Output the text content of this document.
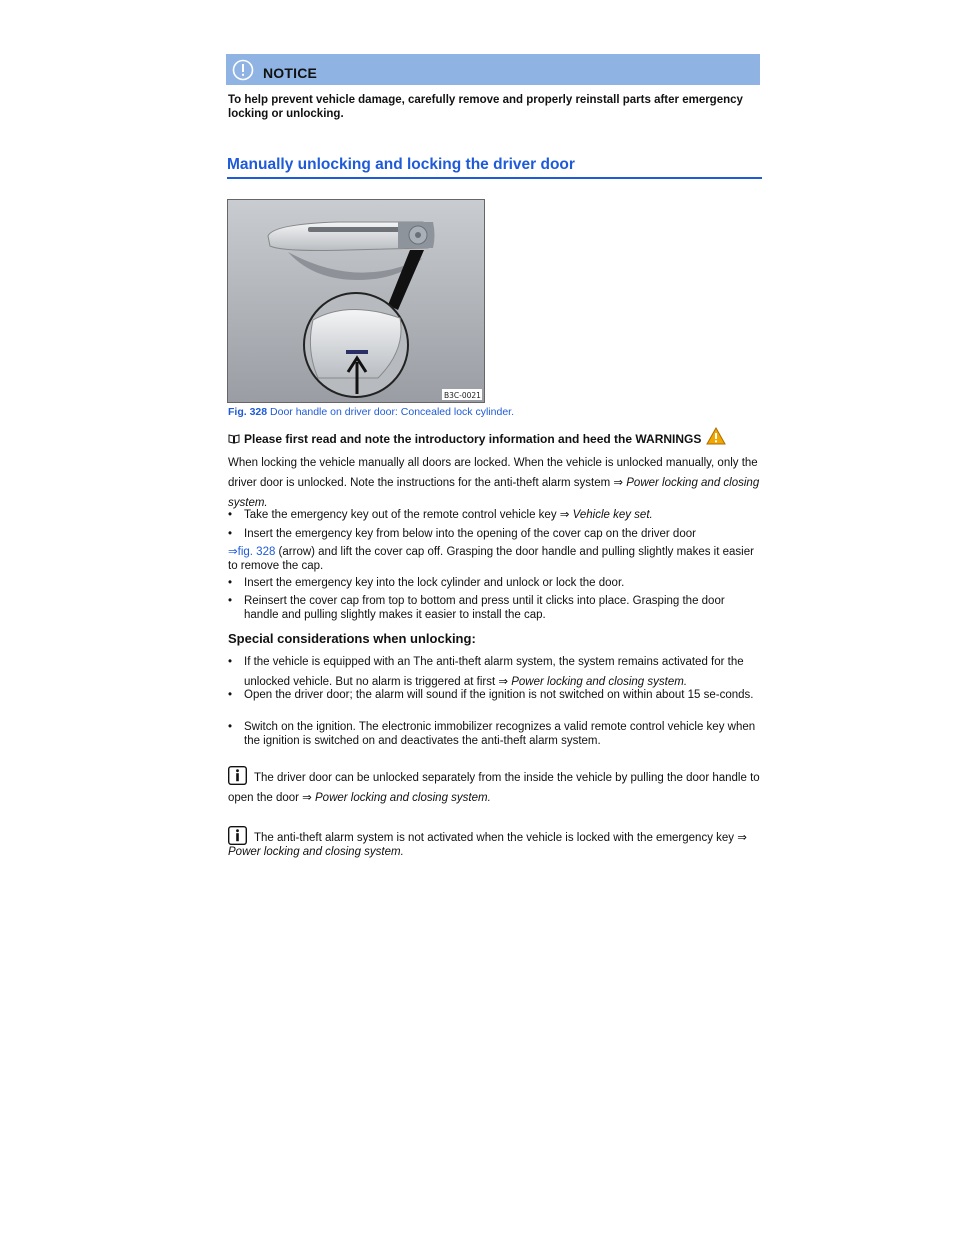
NOTICE
To help prevent vehicle damage, carefully remove and properly reinstall parts after emergency locking or unlocking.
Manually unlocking and locking the driver door
B3C-0021
Fig. 328 Door handle on driver door: Concealed lock cylinder.
Please first read and note the introductory information and heed the WARNINGS
When locking the vehicle manually all doors are locked. When the vehicle is unlocked manually, only the driver door is unlocked. Note the instructions for the anti-theft alarm system ⇒ Power locking and closing system.
•	Take the emergency key out of the remote control vehicle key ⇒ Vehicle key set.
•	Insert the emergency key from below into the opening of the cover cap on the driver door
⇒fig. 328 (arrow) and lift the cover cap off. Grasping the door handle and pulling slightly makes it easier to remove the cap.
•	Insert the emergency key into the lock cylinder and unlock or lock the door.
•	Reinsert the cover cap from top to bottom and press until it clicks into place. Grasping the door handle and pulling slightly makes it easier to install the cap.
Special considerations when unlocking:
•	If the vehicle is equipped with an The anti-theft alarm system, the system remains activated for the unlocked vehicle. But no alarm is triggered at first ⇒ Power locking and closing system.
•	Open the driver door; the alarm will sound if the ignition is not switched on within about 15 se-conds.
•	Switch on the ignition. The electronic immobilizer recognizes a valid remote control vehicle key when the ignition is switched on and deactivates the anti-theft alarm system.
The driver door can be unlocked separately from the inside the vehicle by pulling the door handle to open the door ⇒ Power locking and closing system.
The anti-theft alarm system is not activated when the vehicle is locked with the emergency key ⇒ Power locking and closing system.
